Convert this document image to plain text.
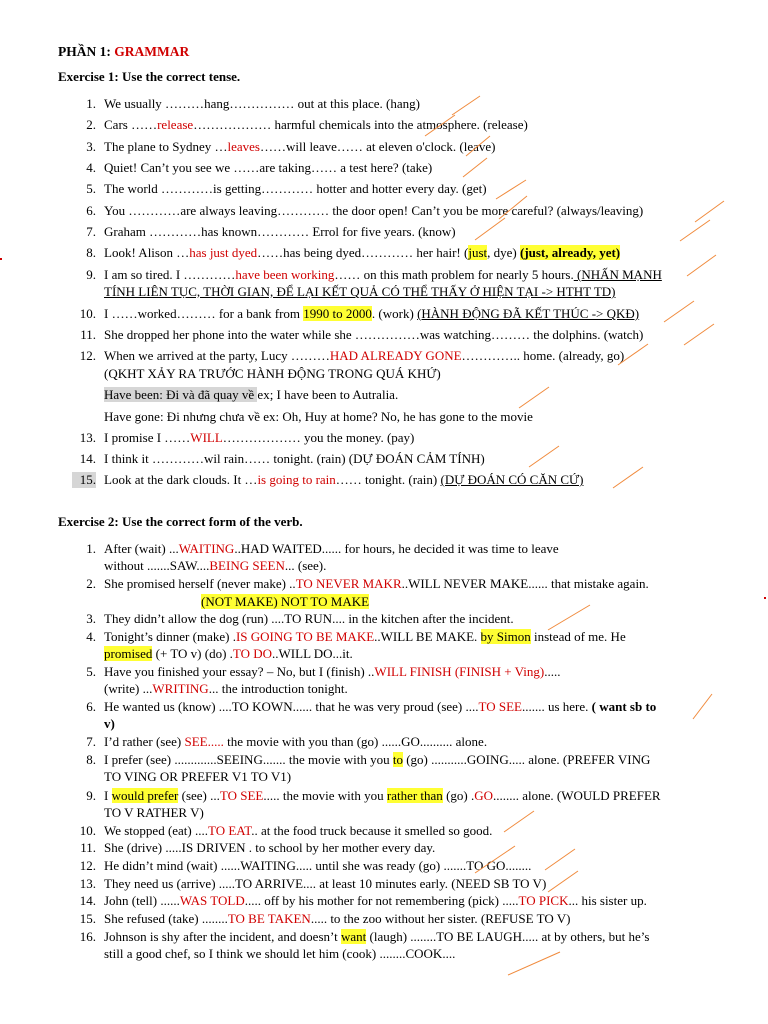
PHẦN 1: GRAMMAR
Exercise 1: Use the correct tense.
1. We usually ………hang…………… out at this place. (hang)
2. Cars ……release……………… harmful chemicals into the atmosphere. (release)
3. The plane to Sydney …leaves……will leave…… at eleven o'clock. (leave)
4. Quiet! Can’t you see we ……are taking…… a test here? (take)
5. The world …………is getting………… hotter and hotter every day. (get)
6. You …………are always leaving………… the door open! Can’t you be more careful? (always/leaving)
7. Graham …………has known………… Errol for five years. (know)
8. Look! Alison …has just dyed……has being dyed………… her hair! (just, dye) (just, already, yet)
9. I am so tired. I …………have been working…… on this math problem for nearly 5 hours. (NHẤN MẠNH
TÍNH LIÊN TỤC, THỜI GIAN, ĐỂ LẠI KẾT QUẢ CÓ THỂ THẤY Ở HIỆN TẠI -> HTHT TD)
10. I ……worked……… for a bank from 1990 to 2000. (work) (HÀNH ĐỘNG ĐÃ KẾT THÚC -> QKĐ)
11. She dropped her phone into the water while she ……………was watching……… the dolphins. (watch)
12. When we arrived at the party, Lucy ………HAD ALREADY GONE………….. home. (already, go)
(QKHT XẢY RA TRƯỚC HÀNH ĐỘNG TRONG QUÁ KHỨ)
Have been: Đi và đã quay về ex; I have been to Autralia.
Have gone: Đi nhưng chưa về ex: Oh, Huy at home? No, he has gone to the movie
13. I promise I ……WILL……………… you the money. (pay)
14. I think it …………wil rain…… tonight. (rain) (DỰ ĐOÁN CẢM TÍNH)
15. Look at the dark clouds. It …is going to rain…… tonight. (rain) (DỰ ĐOÁN CÓ CĂN CỨ)
Exercise 2: Use the correct form of the verb.
1. After (wait) ...WAITING..HAD WAITED...... for hours, he decided it was time to leave
without .......SAW....BEING SEEN... (see).
2. She promised herself (never make) ..TO NEVER MAKR..WILL NEVER MAKE...... that mistake again.
(NOT MAKE) NOT TO MAKE
3. They didn’t allow the dog (run) ....TO RUN.... in the kitchen after the incident.
4. Tonight’s dinner (make) .IS GOING TO BE MAKE..WILL BE MAKE. by Simon instead of me. He
promised (+ TO v) (do) .TO DO..WILL DO...it.
5. Have you finished your essay? – No, but I (finish) ..WILL FINISH (FINISH + Ving).....
(write) ...WRITING... the introduction tonight.
6. He wanted us (know) ....TO KOWN...... that he was very proud (see) ....TO SEE....... us here. ( want sb to
v)
7. I’d rather (see) SEE..... the movie with you than (go) ......GO.......... alone.
8. I prefer (see) .............SEEING....... the movie with you to (go) ...........GOING..... alone. (PREFER VING
TO VING OR PREFER V1 TO V1)
9. I would prefer (see) ...TO SEE..... the movie with you rather than (go) .GO........ alone. (WOULD PREFER
TO V RATHER V)
10. We stopped (eat) ....TO EAT.. at the food truck because it smelled so good.
11. She (drive) .....IS DRIVEN . to school by her mother every day.
12. He didn’t mind (wait) ......WAITING..... until she was ready (go) .......TO GO........
13. They need us (arrive) .....TO ARRIVE.... at least 10 minutes early. (NEED SB TO V)
14. John (tell) ......WAS TOLD..... off by his mother for not remembering (pick) .....TO PICK... his sister up.
15. She refused (take) ........TO BE TAKEN..... to the zoo without her sister. (REFUSE TO V)
16. Johnson is shy after the incident, and doesn’t want (laugh) ........TO BE LAUGH..... at by others, but he’s
still a good chef, so I think we should let him (cook) ........COOK....
